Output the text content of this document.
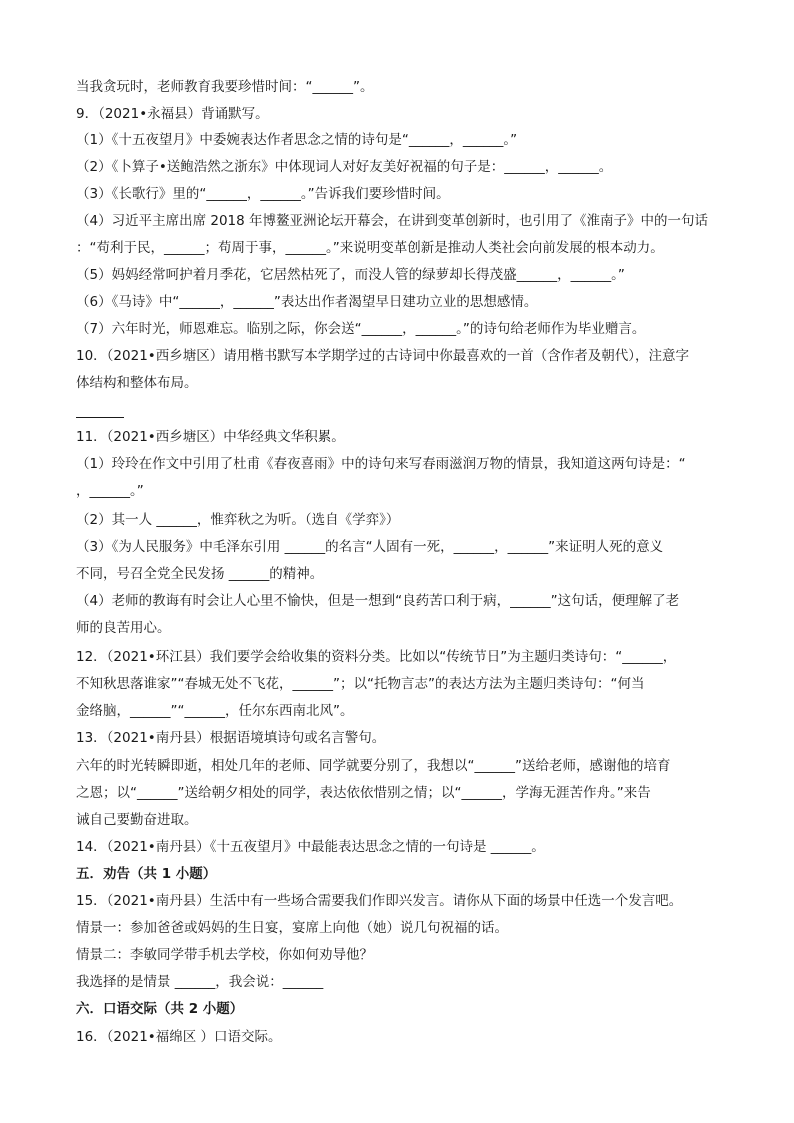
当我贪玩时，老师教育我要珍惜时间：“______”。
9．（2021•永福县）背诵默写。
（1）《十五夜望月》中委婉表达作者思念之情的诗句是“______，______。”
（2）《卜算子•送鲍浩然之浙东》中体现词人对好友美好祝福的句子是：______，______。
（3）《长歌行》里的“______，______。”告诉我们要珍惜时间。
（4）习近平主席出席 2018 年博鳌亚洲论坛开幕会，在讲到变革创新时，也引用了《淮南子》中的一句话
：“苟利于民，______；苟周于事，______。”来说明变革创新是推动人类社会向前发展的根本动力。
（5）妈妈经常呵护着月季花，它居然枯死了，而没人管的绿萝却长得茂盛______，______。”
（6）《马诗》中“______，______”表达出作者渴望早日建功立业的思想感情。
（7）六年时光，师恩难忘。临别之际，你会送“______，______。”的诗句给老师作为毕业赠言。
10．（2021•西乡塘区）请用楷书默写本学期学过的古诗词中你最喜欢的一首（含作者及朝代），注意字
体结构和整体布局。
11．（2021•西乡塘区）中华经典文华积累。
（1）玲玲在作文中引用了杜甫《春夜喜雨》中的诗句来写春雨滋润万物的情景，我知道这两句诗是：“
，______。”
（2）其一人 ______，惟弈秋之为听。（选自《学弈》）
（3）《为人民服务》中毛泽东引用 ______的名言“人固有一死，______，______”来证明人死的意义
不同，号召全党全民发扬 ______的精神。
（4）老师的教诲有时会让人心里不愉快，但是一想到“良药苦口利于病，______”这句话，便理解了老
师的良苦用心。
12．（2021•环江县）我们要学会给收集的资料分类。比如以“传统节日”为主题归类诗句：“______，
不知秋思落谁家”“春城无处不飞花，______”；以“托物言志”的表达方法为主题归类诗句：“何当
金络脑，______”“______，任尔东西南北风”。
13．（2021•南丹县）根据语境填诗句或名言警句。
六年的时光转瞬即逝，相处几年的老师、同学就要分别了，我想以“______”送给老师，感谢他的培育
之恩；以“______”送给朝夕相处的同学，表达依依惜别之情；以“______，学海无涯苦作舟。”来告
诫自己要勤奋进取。
14．（2021•南丹县）《十五夜望月》中最能表达思念之情的一句诗是 ______。
五．劝告（共 1 小题）
15．（2021•南丹县）生活中有一些场合需要我们作即兴发言。请你从下面的场景中任选一个发言吧。
情景一：参加爸爸或妈妈的生日宴，宴席上向他（她）说几句祝福的话。
情景二：李敏同学带手机去学校，你如何劝导他？
我选择的是情景 ______，我会说：______
六．口语交际（共 2 小题）
16．（2021•福绵区 ）口语交际。
